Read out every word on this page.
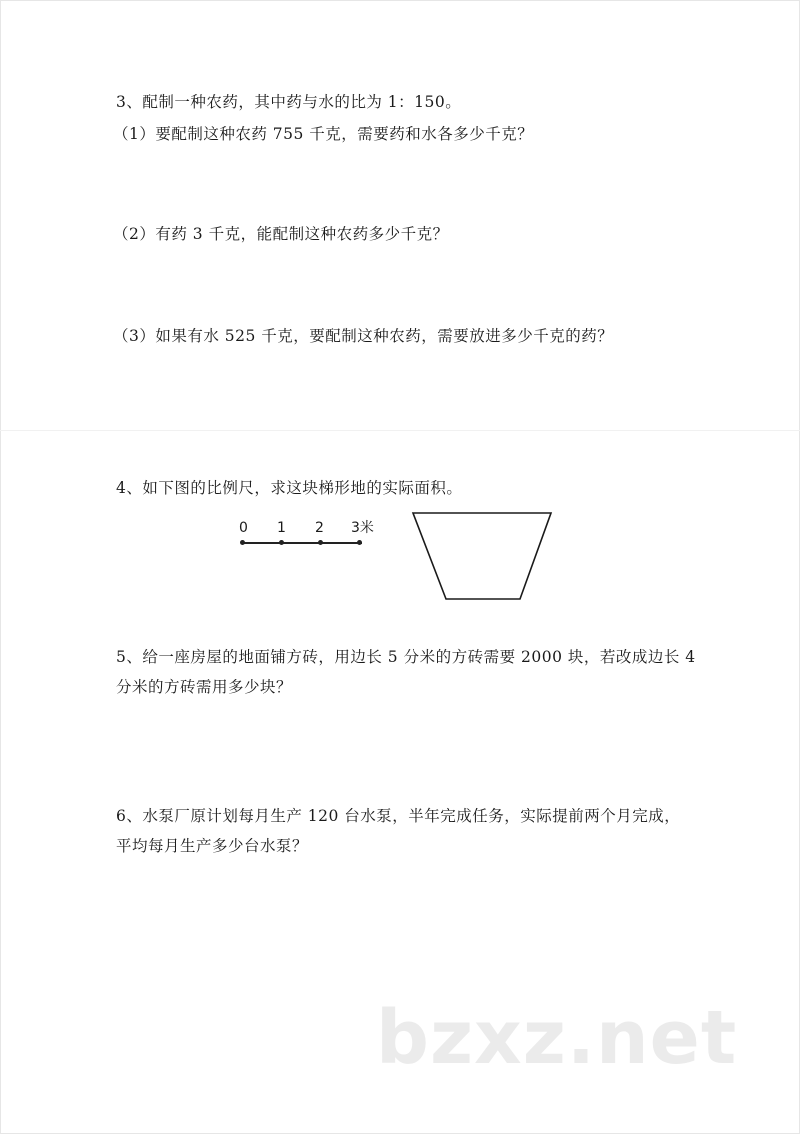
3、配制一种农药，其中药与水的比为 1：150。
（1）要配制这种农药 755 千克，需要药和水各多少千克？
（2）有药 3 千克，能配制这种农药多少千克？
（3）如果有水 525 千克，要配制这种农药，需要放进多少千克的药？
4、如下图的比例尺，求这块梯形地的实际面积。
0 1 2 3米
5、给一座房屋的地面铺方砖，用边长 5 分米的方砖需要 2000 块，若改成边长 4
分米的方砖需用多少块？
6、水泵厂原计划每月生产 120 台水泵，半年完成任务，实际提前两个月完成，
平均每月生产多少台水泵？
bzxz.net
